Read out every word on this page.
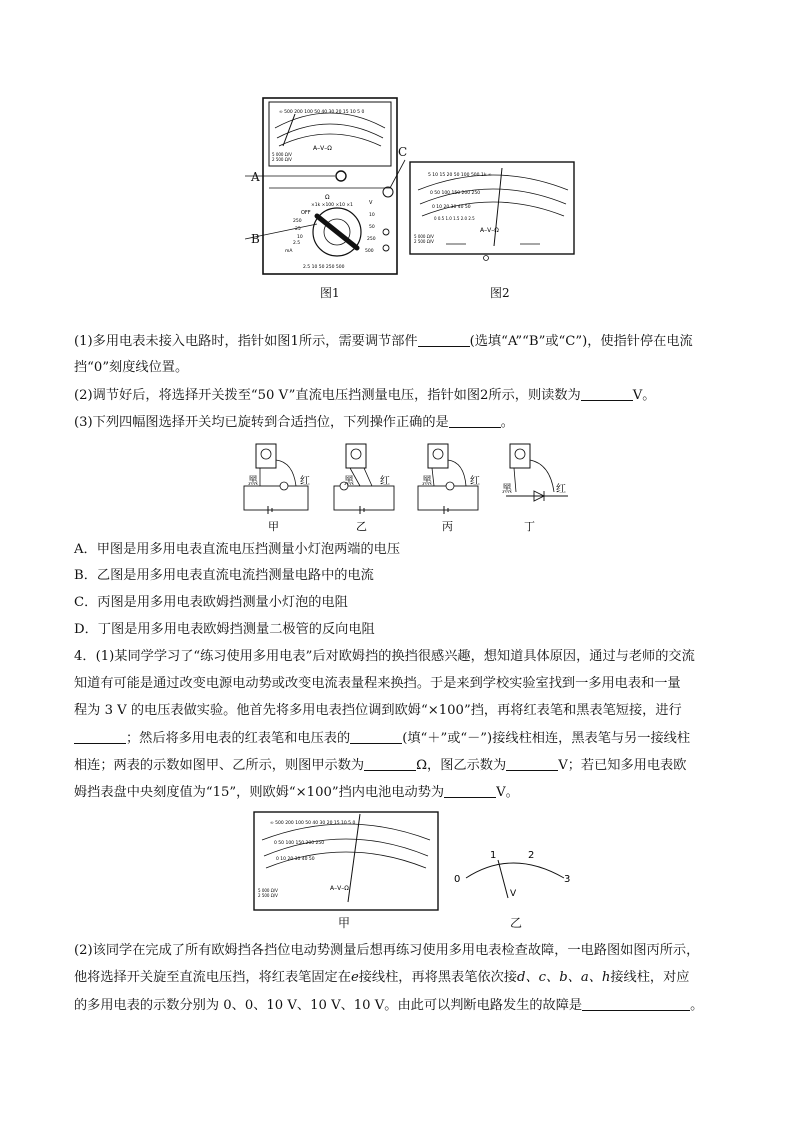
∞ 500 200 100 50 40 30 20 15 10 5 0
A–V–Ω
5 000 Ω/V
2 500 Ω/V
OFF
Ω
×1k ×100 ×10 ×1	V
mA
250
25
2.5
10
10
50
250
500
2.5 10 50 250 500
A
B
C
图1
5 10 15 20 50 100 500 1k ∞
0 50 100 150 200 250
0 10 20 30 40 50
0 0.5 1.0 1.5 2.0 2.5
A–V–Ω
5 000 Ω/V
2 500 Ω/V
图2
(1)多用电表未接入电路时，指针如图1所示，需要调节部件	(选填“A”“B”或“C”)，使指针停在电流
挡“0”刻度线位置。
(2)调节好后，将选择开关拨至“50 V”直流电压挡测量电压，指针如图2所示，则读数为	V。
(3)下列四幅图选择开关均已旋转到合适挡位，下列操作正确的是	。
黑	红
甲
黑	红
乙
黑	红
丙
黑	红
丁
A．甲图是用多用电表直流电压挡测量小灯泡两端的电压
B．乙图是用多用电表直流电流挡测量电路中的电流
C．丙图是用多用电表欧姆挡测量小灯泡的电阻
D．丁图是用多用电表欧姆挡测量二极管的反向电阻
4．(1)某同学学习了“练习使用多用电表”后对欧姆挡的换挡很感兴趣，想知道具体原因，通过与老师的交流
知道有可能是通过改变电源电动势或改变电流表量程来换挡。于是来到学校实验室找到一多用电表和一量
程为 3 V 的电压表做实验。他首先将多用电表挡位调到欧姆“×100”挡，再将红表笔和黑表笔短接，进行
；然后将多用电表的红表笔和电压表的	(填“＋”或“－”)接线柱相连，黑表笔与另一接线柱
相连；两表的示数如图甲、乙所示，则图甲示数为	Ω，图乙示数为	V；若已知多用电表欧
姆挡表盘中央刻度值为“15”，则欧姆“×100”挡内电池电动势为	V。
∞ 500 200 100 50 40 30 20 15 10 5 0
0 50 100 150 200 250
0 10 20 30 40 50
A–V–Ω
5 000 Ω/V
2 500 Ω/V
甲
0
1	2
3
V
乙
(2)该同学在完成了所有欧姆挡各挡位电动势测量后想再练习使用多用电表检查故障，一电路图如图丙所示，
他将选择开关旋至直流电压挡，将红表笔固定在e接线柱，再将黑表笔依次接d、c、b、a、h接线柱，对应
的多用电表的示数分别为 0、0、10 V、10 V、10 V。由此可以判断电路发生的故障是	。
